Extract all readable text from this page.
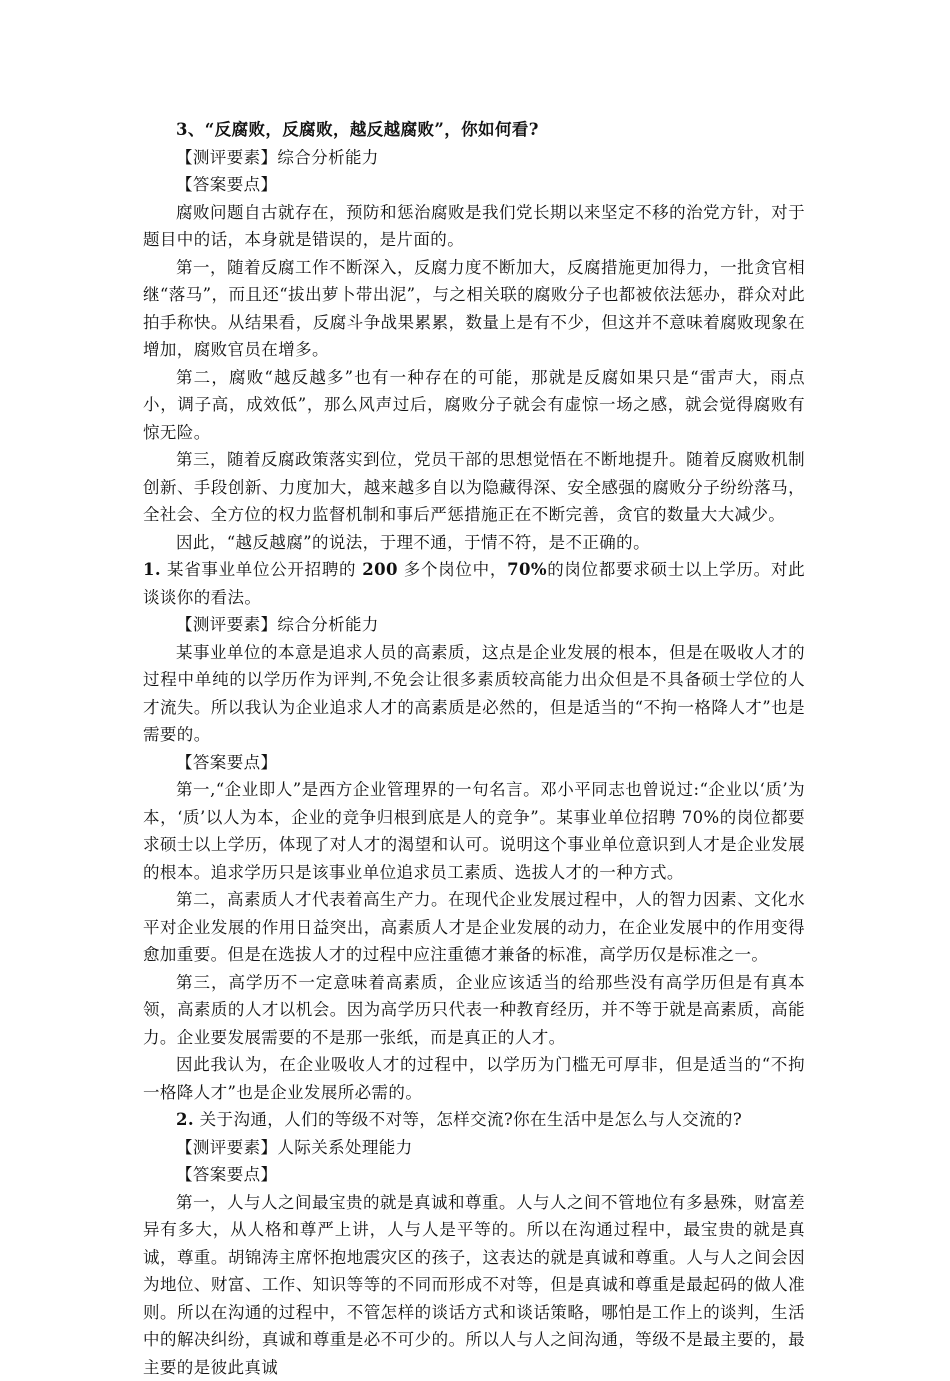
3、“反腐败，反腐败，越反越腐败”，你如何看?

【测评要素】综合分析能力

【答案要点】

腐败问题自古就存在，预防和惩治腐败是我们党长期以来坚定不移的治党方针，对于题目中的话，本身就是错误的，是片面的。

第一，随着反腐工作不断深入，反腐力度不断加大，反腐措施更加得力，一批贪官相继“落马”，而且还“拔出萝卜带出泥”，与之相关联的腐败分子也都被依法惩办，群众对此拍手称快。从结果看，反腐斗争战果累累，数量上是有不少，但这并不意味着腐败现象在增加，腐败官员在增多。

第二，腐败“越反越多”也有一种存在的可能，那就是反腐如果只是“雷声大，雨点小，调子高，成效低”，那么风声过后，腐败分子就会有虚惊一场之感，就会觉得腐败有惊无险。

第三，随着反腐政策落实到位，党员干部的思想觉悟在不断地提升。随着反腐败机制创新、手段创新、力度加大，越来越多自以为隐藏得深、安全感强的腐败分子纷纷落马，全社会、全方位的权力监督机制和事后严惩措施正在不断完善，贪官的数量大大减少。

因此，“越反越腐”的说法，于理不通，于情不符，是不正确的。

1. 某省事业单位公开招聘的 200 多个岗位中，70%的岗位都要求硕士以上学历。对此谈谈你的看法。

【测评要素】综合分析能力

某事业单位的本意是追求人员的高素质，这点是企业发展的根本，但是在吸收人才的过程中单纯的以学历作为评判,不免会让很多素质较高能力出众但是不具备硕士学位的人才流失。所以我认为企业追求人才的高素质是必然的，但是适当的“不拘一格降人才”也是需要的。

【答案要点】

第一,“企业即人”是西方企业管理界的一句名言。邓小平同志也曾说过:“企业以‘质’为本，‘质’以人为本，企业的竞争归根到底是人的竞争”。某事业单位招聘 70%的岗位都要求硕士以上学历，体现了对人才的渴望和认可。说明这个事业单位意识到人才是企业发展的根本。追求学历只是该事业单位追求员工素质、选拔人才的一种方式。

第二，高素质人才代表着高生产力。在现代企业发展过程中，人的智力因素、文化水平对企业发展的作用日益突出，高素质人才是企业发展的动力，在企业发展中的作用变得愈加重要。但是在选拔人才的过程中应注重德才兼备的标准，高学历仅是标准之一。

第三，高学历不一定意味着高素质，企业应该适当的给那些没有高学历但是有真本领，高素质的人才以机会。因为高学历只代表一种教育经历，并不等于就是高素质，高能力。企业要发展需要的不是那一张纸，而是真正的人才。

因此我认为，在企业吸收人才的过程中，以学历为门槛无可厚非，但是适当的“不拘一格降人才”也是企业发展所必需的。

2. 关于沟通，人们的等级不对等，怎样交流?你在生活中是怎么与人交流的?

【测评要素】人际关系处理能力

【答案要点】

第一，人与人之间最宝贵的就是真诚和尊重。人与人之间不管地位有多悬殊，财富差异有多大，从人格和尊严上讲，人与人是平等的。所以在沟通过程中，最宝贵的就是真诚，尊重。胡锦涛主席怀抱地震灾区的孩子，这表达的就是真诚和尊重。人与人之间会因为地位、财富、工作、知识等等的不同而形成不对等，但是真诚和尊重是最起码的做人准则。所以在沟通的过程中，不管怎样的谈话方式和谈话策略，哪怕是工作上的谈判，生活中的解决纠纷，真诚和尊重是必不可少的。所以人与人之间沟通，等级不是最主要的，最主要的是彼此真诚
